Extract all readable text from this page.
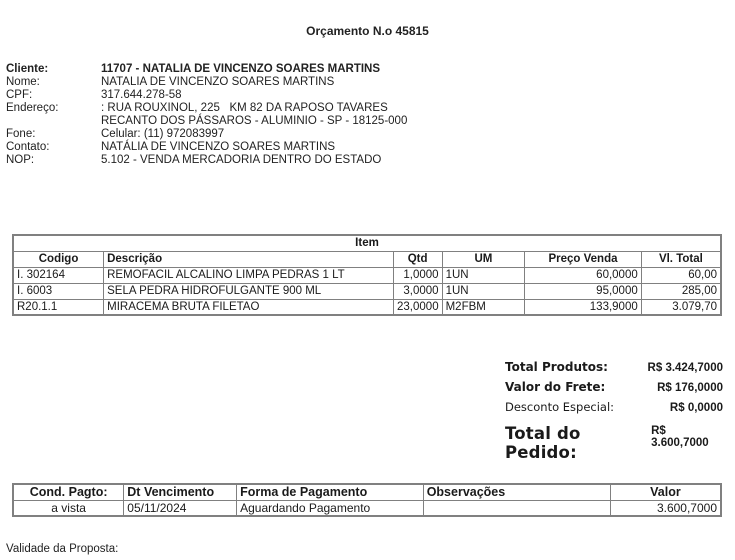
Orçamento N.o 45815
Cliente:	11707 - NATALIA DE VINCENZO SOARES MARTINS
Nome:	NATALIA DE VINCENZO SOARES MARTINS
CPF:	317.644.278-58
Endereço:	: RUA ROUXINOL, 225   KM 82 DA RAPOSO TAVARES
RECANTO DOS PÁSSAROS - ALUMINIO - SP - 18125-000
Fone:	Celular: (11) 972083997
Contato:	NATÁLIA DE VINCENZO SOARES MARTINS
NOP:	5.102 - VENDA MERCADORIA DENTRO DO ESTADO
Item					
Codigo	Descrição	Qtd	UM	Preço Venda	Vl. Total
I. 302164	REMOFACIL ALCALINO LIMPA PEDRAS 1 LT	1,0000	1UN	60,0000	60,00
I. 6003	SELA PEDRA HIDROFULGANTE 900 ML	3,0000	1UN	95,0000	285,00
R20.1.1	MIRACEMA BRUTA FILETAO	23,0000	M2FBM	133,9000	3.079,70
Total Produtos:	R$ 3.424,7000
Valor do Frete:	R$ 176,0000
Desconto Especial:	R$ 0,0000
Total do Pedido:
R$ 3.600,7000
Cond. Pagto:	Dt Vencimento	Forma de Pagamento	Observações	Valor
a vista	05/11/2024	Aguardando Pagamento		3.600,7000
Validade da Proposta:
